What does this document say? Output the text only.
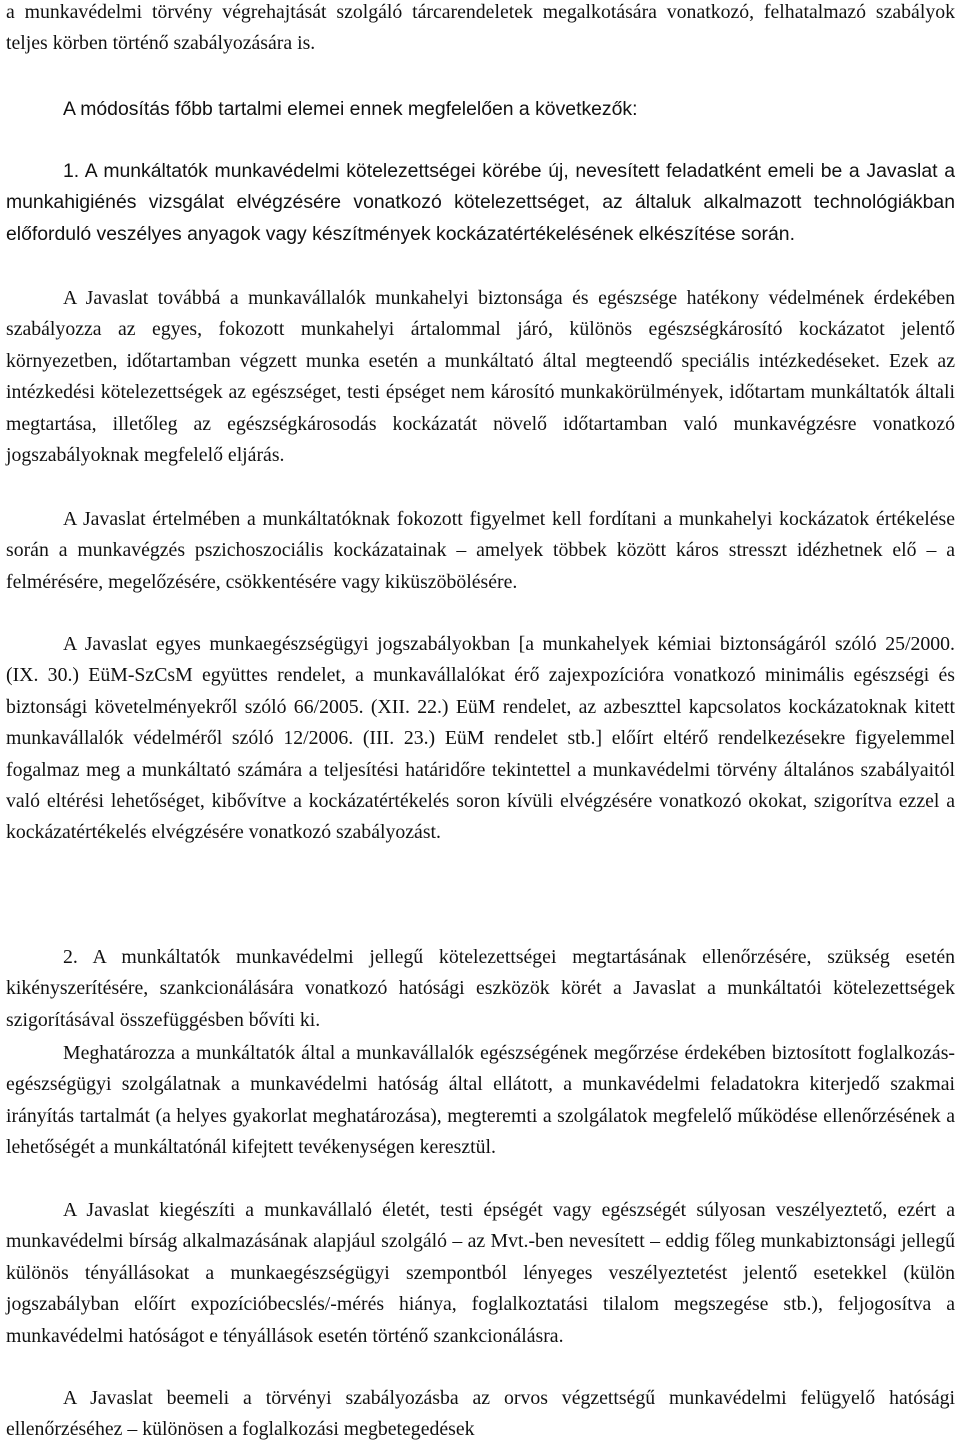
a munkavédelmi törvény végrehajtását szolgáló tárcarendeletek megalkotására vonatkozó, felhatalmazó szabályok teljes körben történő szabályozására is.

A módosítás főbb tartalmi elemei ennek megfelelően a következők:

1. A munkáltatók munkavédelmi kötelezettségei körébe új, nevesített feladatként emeli be a Javaslat a munkahigiénés vizsgálat elvégzésére vonatkozó kötelezettséget, az általuk alkalmazott technológiákban előforduló veszélyes anyagok vagy készítmények kockázatértékelésének elkészítése során.

A Javaslat továbbá a munkavállalók munkahelyi biztonsága és egészsége hatékony védelmének érdekében szabályozza az egyes, fokozott munkahelyi ártalommal járó, különös egészségkárosító kockázatot jelentő környezetben, időtartamban végzett munka esetén a munkáltató által megteendő speciális intézkedéseket. Ezek az intézkedési kötelezettségek az egészséget, testi épséget nem károsító munkakörülmények, időtartam munkáltatók általi megtartása, illetőleg az egészségkárosodás kockázatát növelő időtartamban való munkavégzésre vonatkozó jogszabályoknak megfelelő eljárás.

A Javaslat értelmében a munkáltatóknak fokozott figyelmet kell fordítani a munkahelyi kockázatok értékelése során a munkavégzés pszichoszociális kockázatainak – amelyek többek között káros stresszt idézhetnek elő – a felmérésére, megelőzésére, csökkentésére vagy kiküszöbölésére.

A Javaslat egyes munkaegészségügyi jogszabályokban [a munkahelyek kémiai biztonságáról szóló 25/2000. (IX. 30.) EüM-SzCsM együttes rendelet, a munkavállalókat érő zajexpozícióra vonatkozó minimális egészségi és biztonsági követelményekről szóló 66/2005. (XII. 22.) EüM rendelet, az azbeszttel kapcsolatos kockázatoknak kitett munkavállalók védelméről szóló 12/2006. (III. 23.) EüM rendelet stb.] előírt eltérő rendelkezésekre figyelemmel fogalmaz meg a munkáltató számára a teljesítési határidőre tekintettel a munkavédelmi törvény általános szabályaitól való eltérési lehetőséget, kibővítve a kockázatértékelés soron kívüli elvégzésére vonatkozó okokat, szigorítva ezzel a kockázatértékelés elvégzésére vonatkozó szabályozást.

2. A munkáltatók munkavédelmi jellegű kötelezettségei megtartásának ellenőrzésére, szükség esetén kikényszerítésére, szankcionálására vonatkozó hatósági eszközök körét a Javaslat a munkáltatói kötelezettségek szigorításával összefüggésben bővíti ki.

Meghatározza a munkáltatók által a munkavállalók egészségének megőrzése érdekében biztosított foglalkozás-egészségügyi szolgálatnak a munkavédelmi hatóság által ellátott, a munkavédelmi feladatokra kiterjedő szakmai irányítás tartalmát (a helyes gyakorlat meghatározása), megteremti a szolgálatok megfelelő működése ellenőrzésének a lehetőségét a munkáltatónál kifejtett tevékenységen keresztül.

A Javaslat kiegészíti a munkavállaló életét, testi épségét vagy egészségét súlyosan veszélyeztető, ezért a munkavédelmi bírság alkalmazásának alapjául szolgáló – az Mvt.-ben nevesített – eddig főleg munkabiztonsági jellegű különös tényállásokat a munkaegészségügyi szempontból lényeges veszélyeztetést jelentő esetekkel (külön jogszabályban előírt expozícióbecslés/-mérés hiánya, foglalkoztatási tilalom megszegése stb.), feljogosítva a munkavédelmi hatóságot e tényállások esetén történő szankcionálásra.

A Javaslat beemeli a törvényi szabályozásba az orvos végzettségű munkavédelmi felügyelő hatósági ellenőrzéséhez – különösen a foglalkozási megbetegedések
